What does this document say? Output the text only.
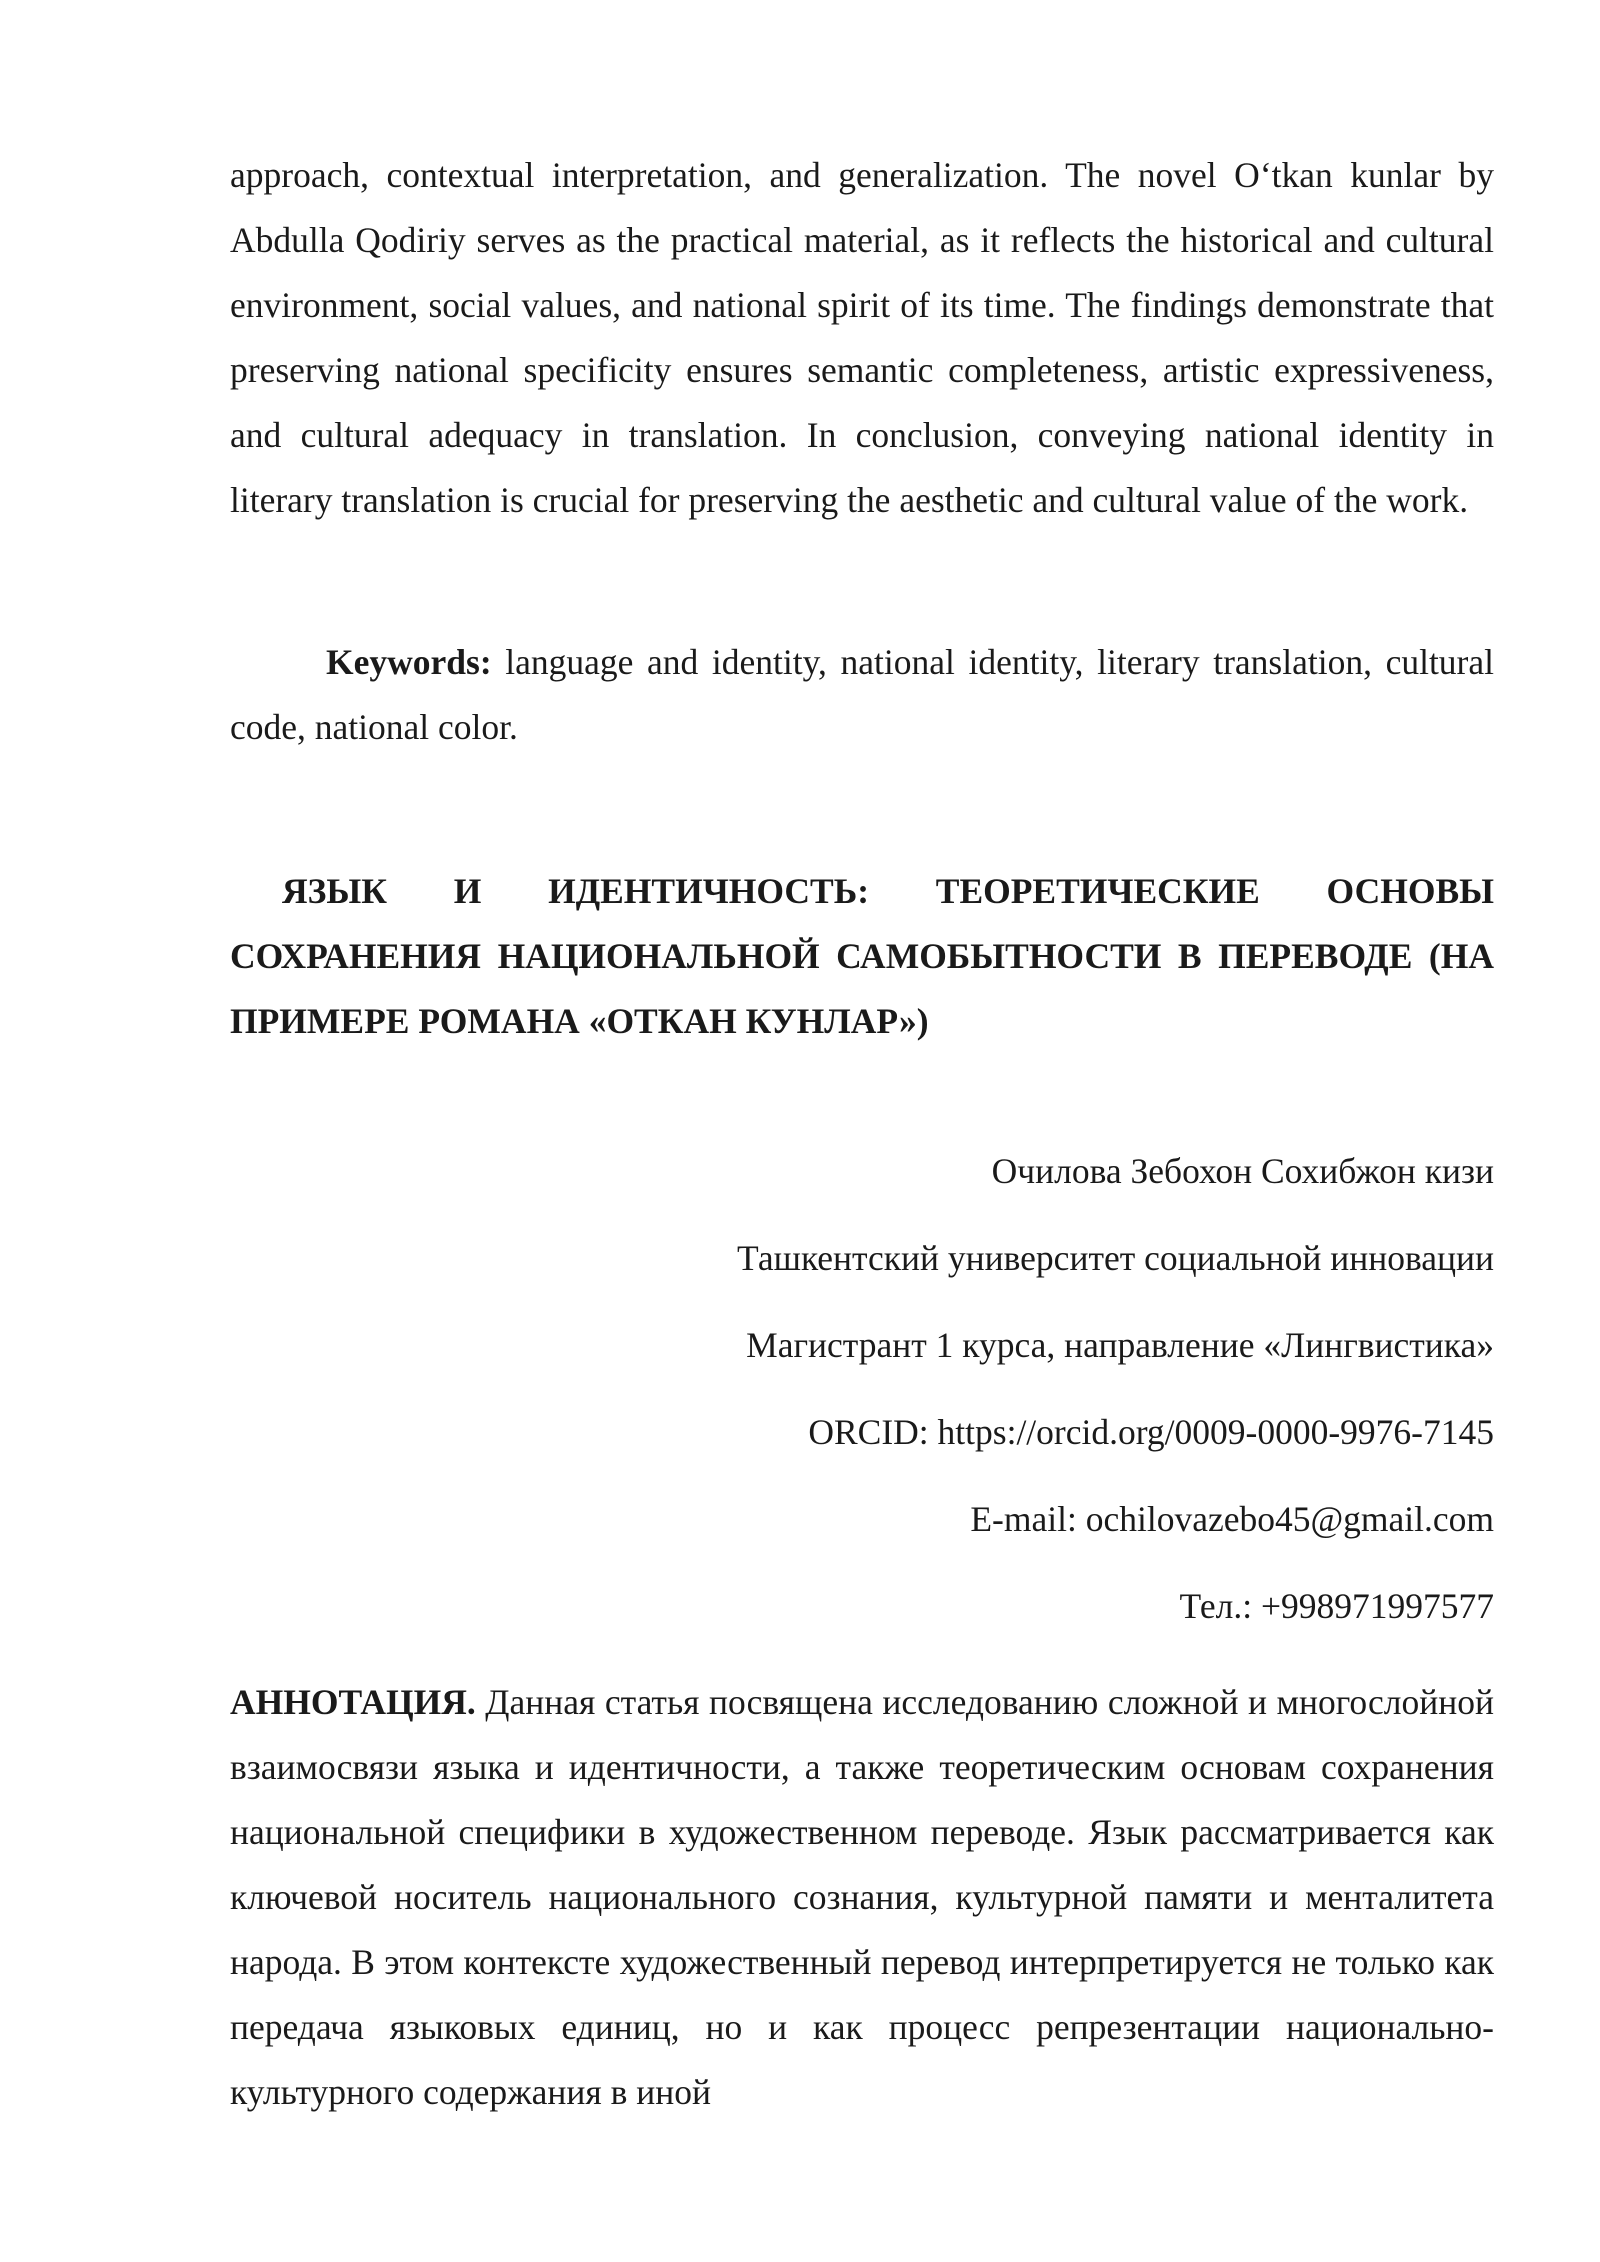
approach, contextual interpretation, and generalization. The novel O‘tkan kunlar by Abdulla Qodiriy serves as the practical material, as it reflects the historical and cultural environment, social values, and national spirit of its time. The findings demonstrate that preserving national specificity ensures semantic completeness, artistic expressiveness, and cultural adequacy in translation. In conclusion, conveying national identity in literary translation is crucial for preserving the aesthetic and cultural value of the work.

Keywords: language and identity, national identity, literary translation, cultural code, national color.

ЯЗЫК И ИДЕНТИЧНОСТЬ: ТЕОРЕТИЧЕСКИЕ ОСНОВЫ СОХРАНЕНИЯ НАЦИОНАЛЬНОЙ САМОБЫТНОСТИ В ПЕРЕВОДЕ (НА ПРИМЕРЕ РОМАНА «ОТКАН КУНЛАР»)
Очилова Зебохон Сохибжон кизи
Ташкентский университет социальной инновации
Магистрант 1 курса, направление «Лингвистика»
ORCID: https://orcid.org/0009-0000-9976-7145
E-mail: ochilovazebo45@gmail.com
Тел.: +998971997577

АННОТАЦИЯ. Данная статья посвящена исследованию сложной и многослойной взаимосвязи языка и идентичности, а также теоретическим основам сохранения национальной специфики в художественном переводе. Язык рассматривается как ключевой носитель национального сознания, культурной памяти и менталитета народа. В этом контексте художественный перевод интерпретируется не только как передача языковых единиц, но и как процесс репрезентации национально-культурного содержания в иной
